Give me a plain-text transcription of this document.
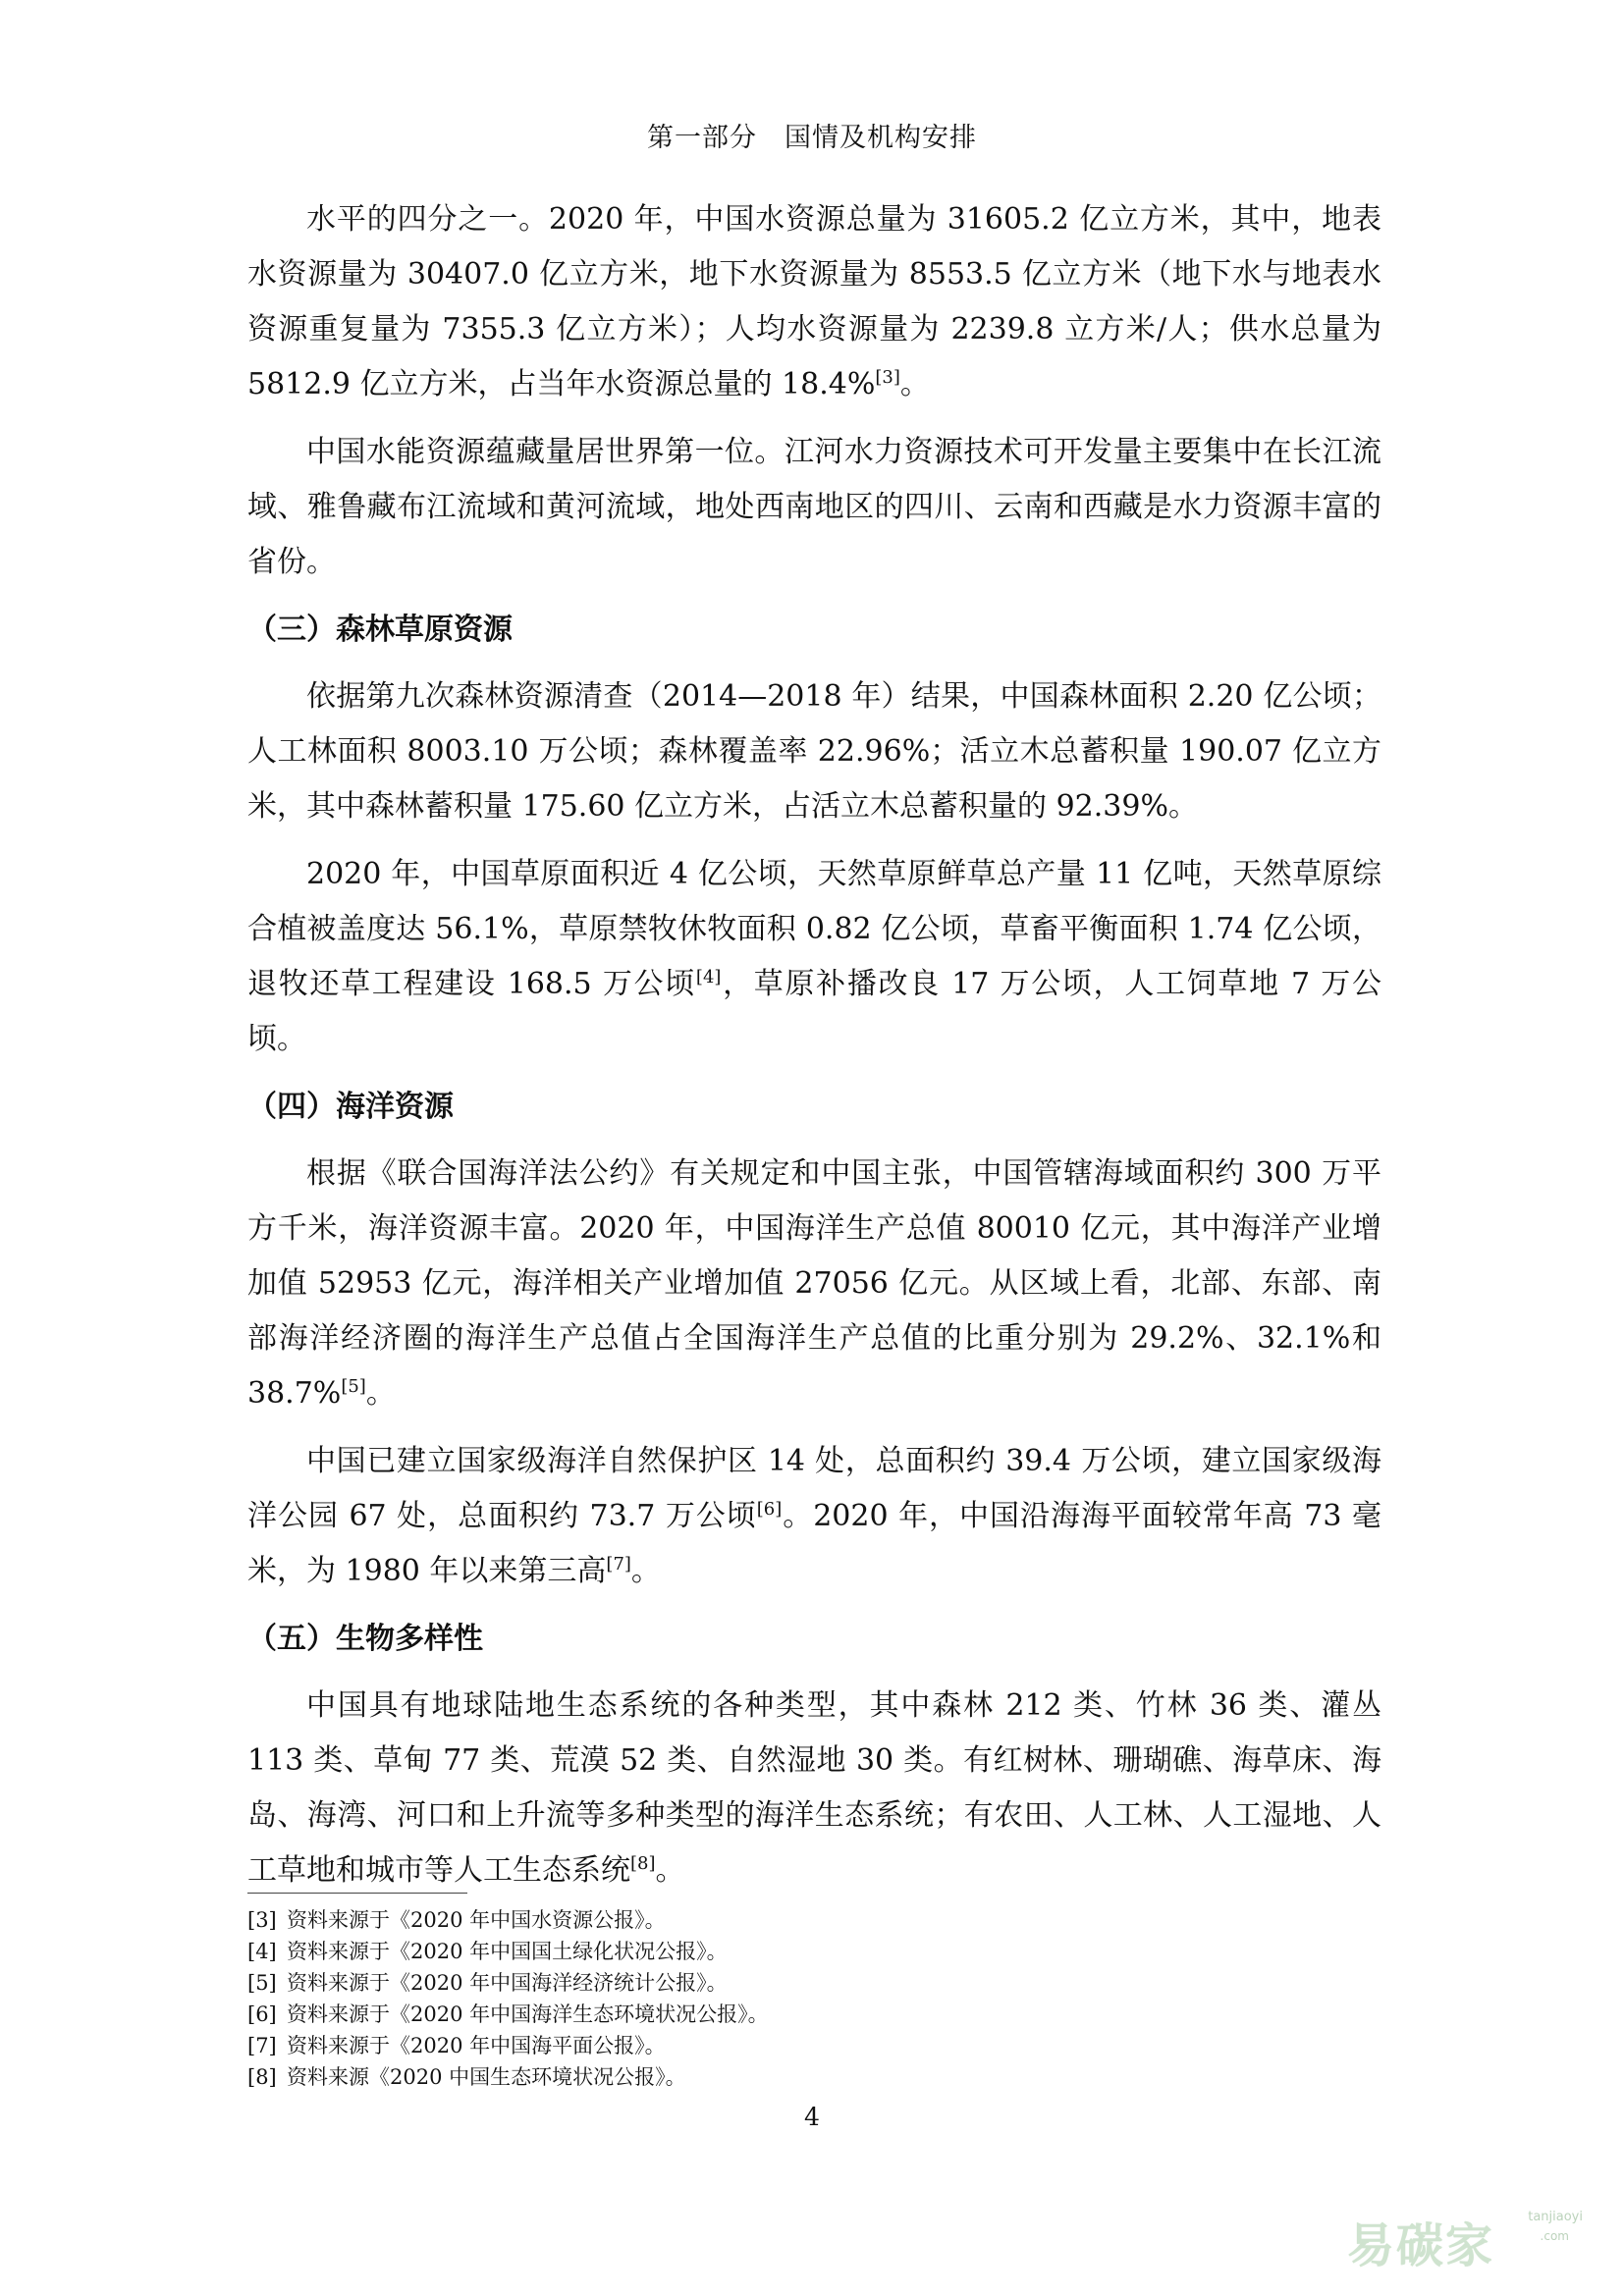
第一部分　国情及机构安排

水平的四分之一。2020 年，中国水资源总量为 31605.2 亿立方米，其中，地表水资源量为 30407.0 亿立方米，地下水资源量为 8553.5 亿立方米（地下水与地表水资源重复量为 7355.3 亿立方米）；人均水资源量为 2239.8 立方米/人；供水总量为 5812.9 亿立方米，占当年水资源总量的 18.4%[3]。

中国水能资源蕴藏量居世界第一位。江河水力资源技术可开发量主要集中在长江流域、雅鲁藏布江流域和黄河流域，地处西南地区的四川、云南和西藏是水力资源丰富的省份。

（三）森林草原资源

依据第九次森林资源清查（2014—2018 年）结果，中国森林面积 2.20 亿公顷；人工林面积 8003.10 万公顷；森林覆盖率 22.96%；活立木总蓄积量 190.07 亿立方米，其中森林蓄积量 175.60 亿立方米，占活立木总蓄积量的 92.39%。

2020 年，中国草原面积近 4 亿公顷，天然草原鲜草总产量 11 亿吨，天然草原综合植被盖度达 56.1%，草原禁牧休牧面积 0.82 亿公顷，草畜平衡面积 1.74 亿公顷，退牧还草工程建设 168.5 万公顷[4]，草原补播改良 17 万公顷，人工饲草地 7 万公顷。

（四）海洋资源

根据《联合国海洋法公约》有关规定和中国主张，中国管辖海域面积约 300 万平方千米，海洋资源丰富。2020 年，中国海洋生产总值 80010 亿元，其中海洋产业增加值 52953 亿元，海洋相关产业增加值 27056 亿元。从区域上看，北部、东部、南部海洋经济圈的海洋生产总值占全国海洋生产总值的比重分别为 29.2%、32.1%和 38.7%[5]。

中国已建立国家级海洋自然保护区 14 处，总面积约 39.4 万公顷，建立国家级海洋公园 67 处，总面积约 73.7 万公顷[6]。2020 年，中国沿海海平面较常年高 73 毫米，为 1980 年以来第三高[7]。

（五）生物多样性

中国具有地球陆地生态系统的各种类型，其中森林 212 类、竹林 36 类、灌丛 113 类、草甸 77 类、荒漠 52 类、自然湿地 30 类。有红树林、珊瑚礁、海草床、海岛、海湾、河口和上升流等多种类型的海洋生态系统；有农田、人工林、人工湿地、人工草地和城市等人工生态系统[8]。

[3] 资料来源于《2020 年中国水资源公报》。
[4] 资料来源于《2020 年中国国土绿化状况公报》。
[5] 资料来源于《2020 年中国海洋经济统计公报》。
[6] 资料来源于《2020 年中国海洋生态环境状况公报》。
[7] 资料来源于《2020 年中国海平面公报》。
[8] 资料来源《2020 中国生态环境状况公报》。
4
易碳家
tanjiaoyi
.com
